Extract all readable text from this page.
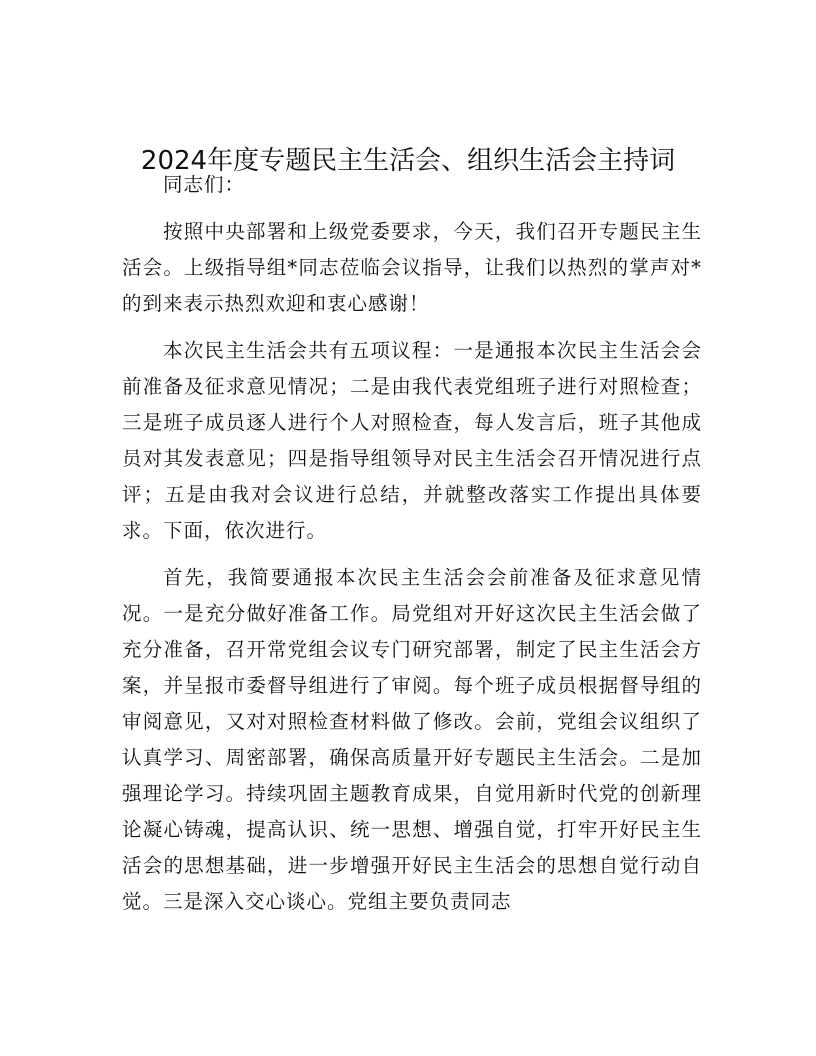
2024年度专题民主生活会、组织生活会主持词

同志们：

按照中央部署和上级党委要求，今天，我们召开专题民主生活会。上级指导组*同志莅临会议指导，让我们以热烈的掌声对*的到来表示热烈欢迎和衷心感谢！

本次民主生活会共有五项议程：一是通报本次民主生活会会前准备及征求意见情况；二是由我代表党组班子进行对照检查；三是班子成员逐人进行个人对照检查，每人发言后，班子其他成员对其发表意见；四是指导组领导对民主生活会召开情况进行点评；五是由我对会议进行总结，并就整改落实工作提出具体要求。下面，依次进行。

首先，我简要通报本次民主生活会会前准备及征求意见情况。一是充分做好准备工作。局党组对开好这次民主生活会做了充分准备，召开常党组会议专门研究部署，制定了民主生活会方案，并呈报市委督导组进行了审阅。每个班子成员根据督导组的审阅意见，又对对照检查材料做了修改。会前，党组会议组织了认真学习、周密部署，确保高质量开好专题民主生活会。二是加强理论学习。持续巩固主题教育成果，自觉用新时代党的创新理论凝心铸魂，提高认识、统一思想、增强自觉，打牢开好民主生活会的思想基础，进一步增强开好民主生活会的思想自觉行动自觉。三是深入交心谈心。党组主要负责同志
